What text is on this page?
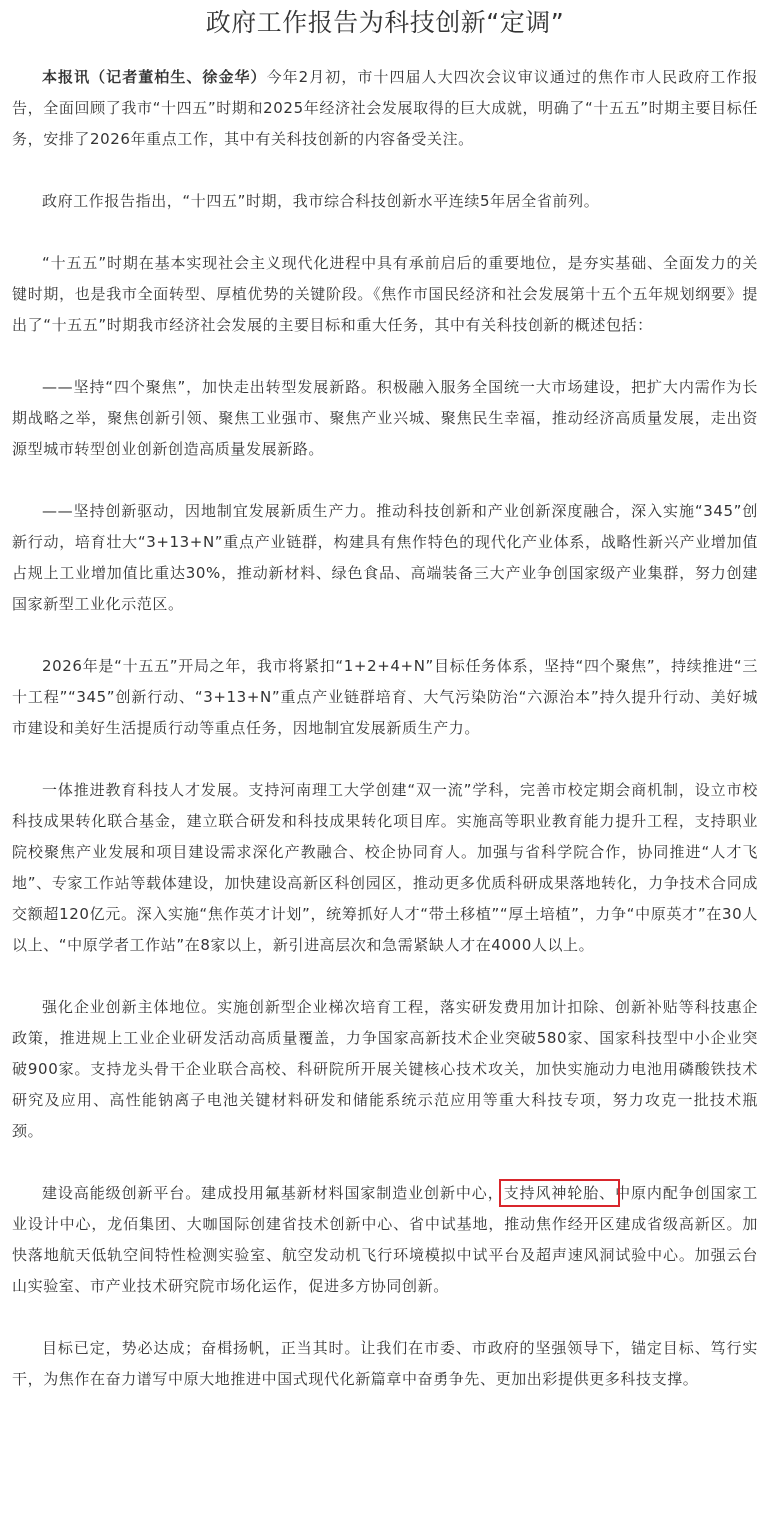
政府工作报告为科技创新“定调”

本报讯（记者董柏生、徐金华）今年2月初，市十四届人大四次会议审议通过的焦作市人民政府工作报告，全面回顾了我市“十四五”时期和2025年经济社会发展取得的巨大成就，明确了“十五五”时期主要目标任务，安排了2026年重点工作，其中有关科技创新的内容备受关注。

政府工作报告指出，“十四五”时期，我市综合科技创新水平连续5年居全省前列。

“十五五”时期在基本实现社会主义现代化进程中具有承前启后的重要地位，是夯实基础、全面发力的关键时期，也是我市全面转型、厚植优势的关键阶段。《焦作市国民经济和社会发展第十五个五年规划纲要》提出了“十五五”时期我市经济社会发展的主要目标和重大任务，其中有关科技创新的概述包括：

——坚持“四个聚焦”，加快走出转型发展新路。积极融入服务全国统一大市场建设，把扩大内需作为长期战略之举，聚焦创新引领、聚焦工业强市、聚焦产业兴城、聚焦民生幸福，推动经济高质量发展，走出资源型城市转型创业创新创造高质量发展新路。

——坚持创新驱动，因地制宜发展新质生产力。推动科技创新和产业创新深度融合，深入实施“345”创新行动，培育壮大“3+13+N”重点产业链群，构建具有焦作特色的现代化产业体系，战略性新兴产业增加值占规上工业增加值比重达30%，推动新材料、绿色食品、高端装备三大产业争创国家级产业集群，努力创建国家新型工业化示范区。

2026年是“十五五”开局之年，我市将紧扣“1+2+4+N”目标任务体系，坚持“四个聚焦”，持续推进“三十工程”“345”创新行动、“3+13+N”重点产业链群培育、大气污染防治“六源治本”持久提升行动、美好城市建设和美好生活提质行动等重点任务，因地制宜发展新质生产力。

一体推进教育科技人才发展。支持河南理工大学创建“双一流”学科，完善市校定期会商机制，设立市校科技成果转化联合基金，建立联合研发和科技成果转化项目库。实施高等职业教育能力提升工程，支持职业院校聚焦产业发展和项目建设需求深化产教融合、校企协同育人。加强与省科学院合作，协同推进“人才飞地”、专家工作站等载体建设，加快建设高新区科创园区，推动更多优质科研成果落地转化，力争技术合同成交额超120亿元。深入实施“焦作英才计划”，统筹抓好人才“带土移植”“厚土培植”，力争“中原英才”在30人以上、“中原学者工作站”在8家以上，新引进高层次和急需紧缺人才在4000人以上。

强化企业创新主体地位。实施创新型企业梯次培育工程，落实研发费用加计扣除、创新补贴等科技惠企政策，推进规上工业企业研发活动高质量覆盖，力争国家高新技术企业突破580家、国家科技型中小企业突破900家。支持龙头骨干企业联合高校、科研院所开展关键核心技术攻关，加快实施动力电池用磷酸铁技术研究及应用、高性能钠离子电池关键材料研发和储能系统示范应用等重大科技专项，努力攻克一批技术瓶颈。

建设高能级创新平台。建成投用氟基新材料国家制造业创新中心，支持风神轮胎、中原内配争创国家工业设计中心，龙佰集团、大咖国际创建省技术创新中心、省中试基地，推动焦作经开区建成省级高新区。加快落地航天低轨空间特性检测实验室、航空发动机飞行环境模拟中试平台及超声速风洞试验中心。加强云台山实验室、市产业技术研究院市场化运作，促进多方协同创新。

目标已定，势必达成；奋楫扬帆，正当其时。让我们在市委、市政府的坚强领导下，锚定目标、笃行实干，为焦作在奋力谱写中原大地推进中国式现代化新篇章中奋勇争先、更加出彩提供更多科技支撑。
